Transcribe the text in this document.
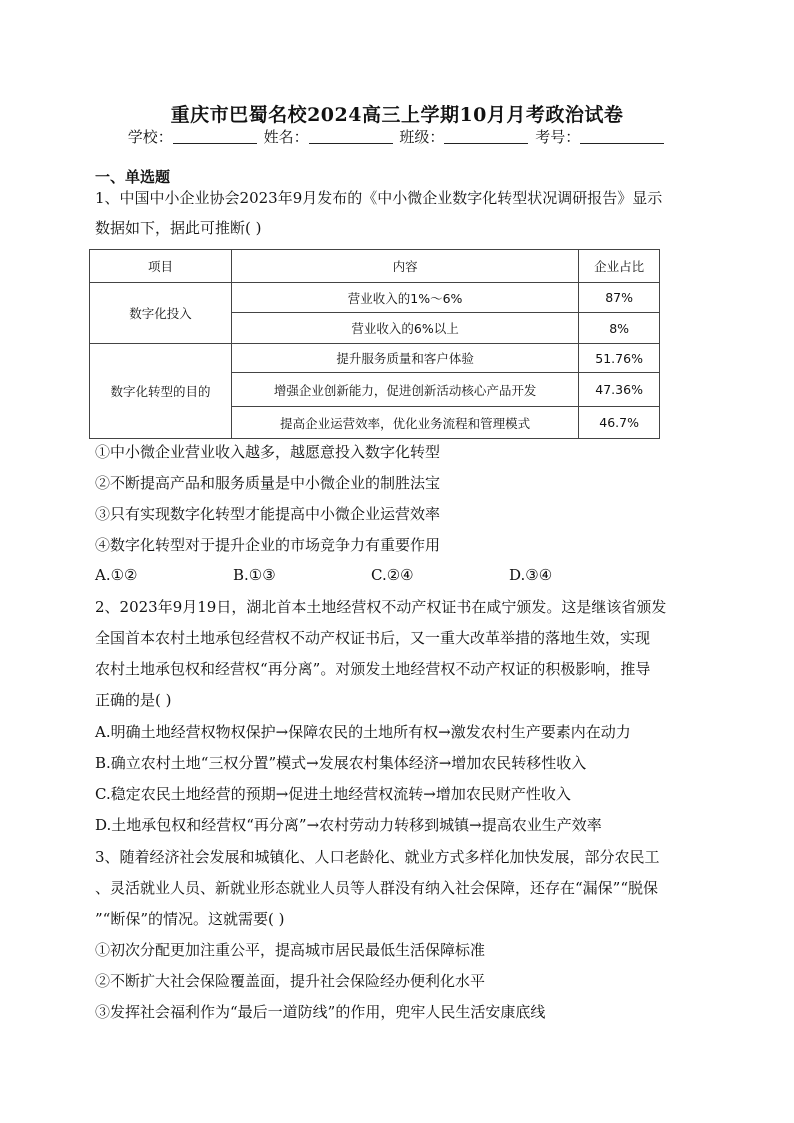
重庆市巴蜀名校2024高三上学期10月月考政治试卷
学校：	姓名：	班级：	考号：
一、单选题
1、中国中小企业协会2023年9月发布的《中小微企业数字化转型状况调研报告》显示
数据如下，据此可推断( )
项目	内容	企业占比
数字化投入	营业收入的1%～6%	87%
	营业收入的6%以上	8%
数字化转型的目的	提升服务质量和客户体验	51.76%
	增强企业创新能力，促进创新活动核心产品开发	47.36%
	提高企业运营效率，优化业务流程和管理模式	46.7%
①中小微企业营业收入越多，越愿意投入数字化转型
②不断提高产品和服务质量是中小微企业的制胜法宝
③只有实现数字化转型才能提高中小微企业运营效率
④数字化转型对于提升企业的市场竞争力有重要作用
A.①②	B.①③	C.②④	D.③④
2、2023年9月19日，湖北首本土地经营权不动产权证书在咸宁颁发。这是继该省颁发
全国首本农村土地承包经营权不动产权证书后，又一重大改革举措的落地生效，实现
农村土地承包权和经营权“再分离”。对颁发土地经营权不动产权证的积极影响，推导
正确的是( )
A.明确土地经营权物权保护→保障农民的土地所有权→激发农村生产要素内在动力
B.确立农村土地“三权分置”模式→发展农村集体经济→增加农民转移性收入
C.稳定农民土地经营的预期→促进土地经营权流转→增加农民财产性收入
D.土地承包权和经营权“再分离”→农村劳动力转移到城镇→提高农业生产效率
3、随着经济社会发展和城镇化、人口老龄化、就业方式多样化加快发展，部分农民工
、灵活就业人员、新就业形态就业人员等人群没有纳入社会保障，还存在“漏保”“脱保
”“断保”的情况。这就需要( )
①初次分配更加注重公平，提高城市居民最低生活保障标准
②不断扩大社会保险覆盖面，提升社会保险经办便利化水平
③发挥社会福利作为“最后一道防线”的作用，兜牢人民生活安康底线
